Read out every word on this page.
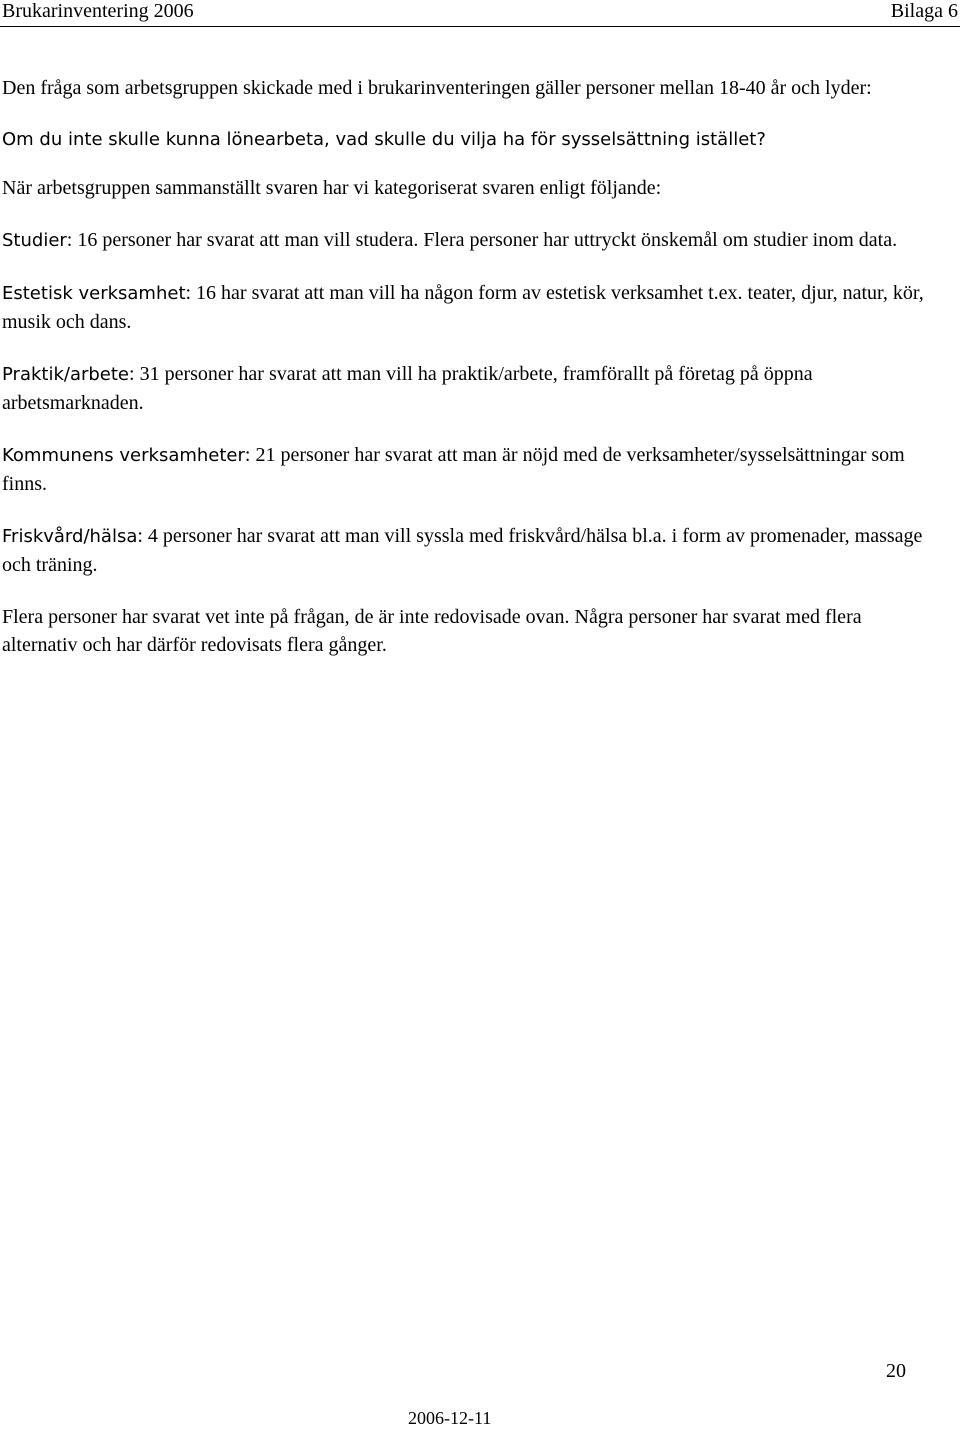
Brukarinventering 2006	Bilaga 6

Den fråga som arbetsgruppen skickade med i brukarinventeringen gäller personer mellan 18-40 år och lyder:

Om du inte skulle kunna lönearbeta, vad skulle du vilja ha för sysselsättning istället?

När arbetsgruppen sammanställt svaren har vi kategoriserat svaren enligt följande:

Studier: 16 personer har svarat att man vill studera. Flera personer har uttryckt önskemål om studier inom data.

Estetisk verksamhet: 16 har svarat att man vill ha någon form av estetisk verksamhet t.ex. teater, djur, natur, kör, musik och dans.

Praktik/arbete: 31 personer har svarat att man vill ha praktik/arbete, framförallt på företag på öppna arbetsmarknaden.

Kommunens verksamheter: 21 personer har svarat att man är nöjd med de verksamheter/sysselsättningar som finns.

Friskvård/hälsa: 4 personer har svarat att man vill syssla med friskvård/hälsa bl.a. i form av promenader, massage och träning.

Flera personer har svarat vet inte på frågan, de är inte redovisade ovan. Några personer har svarat med flera alternativ och har därför redovisats flera gånger.

20
2006-12-11
